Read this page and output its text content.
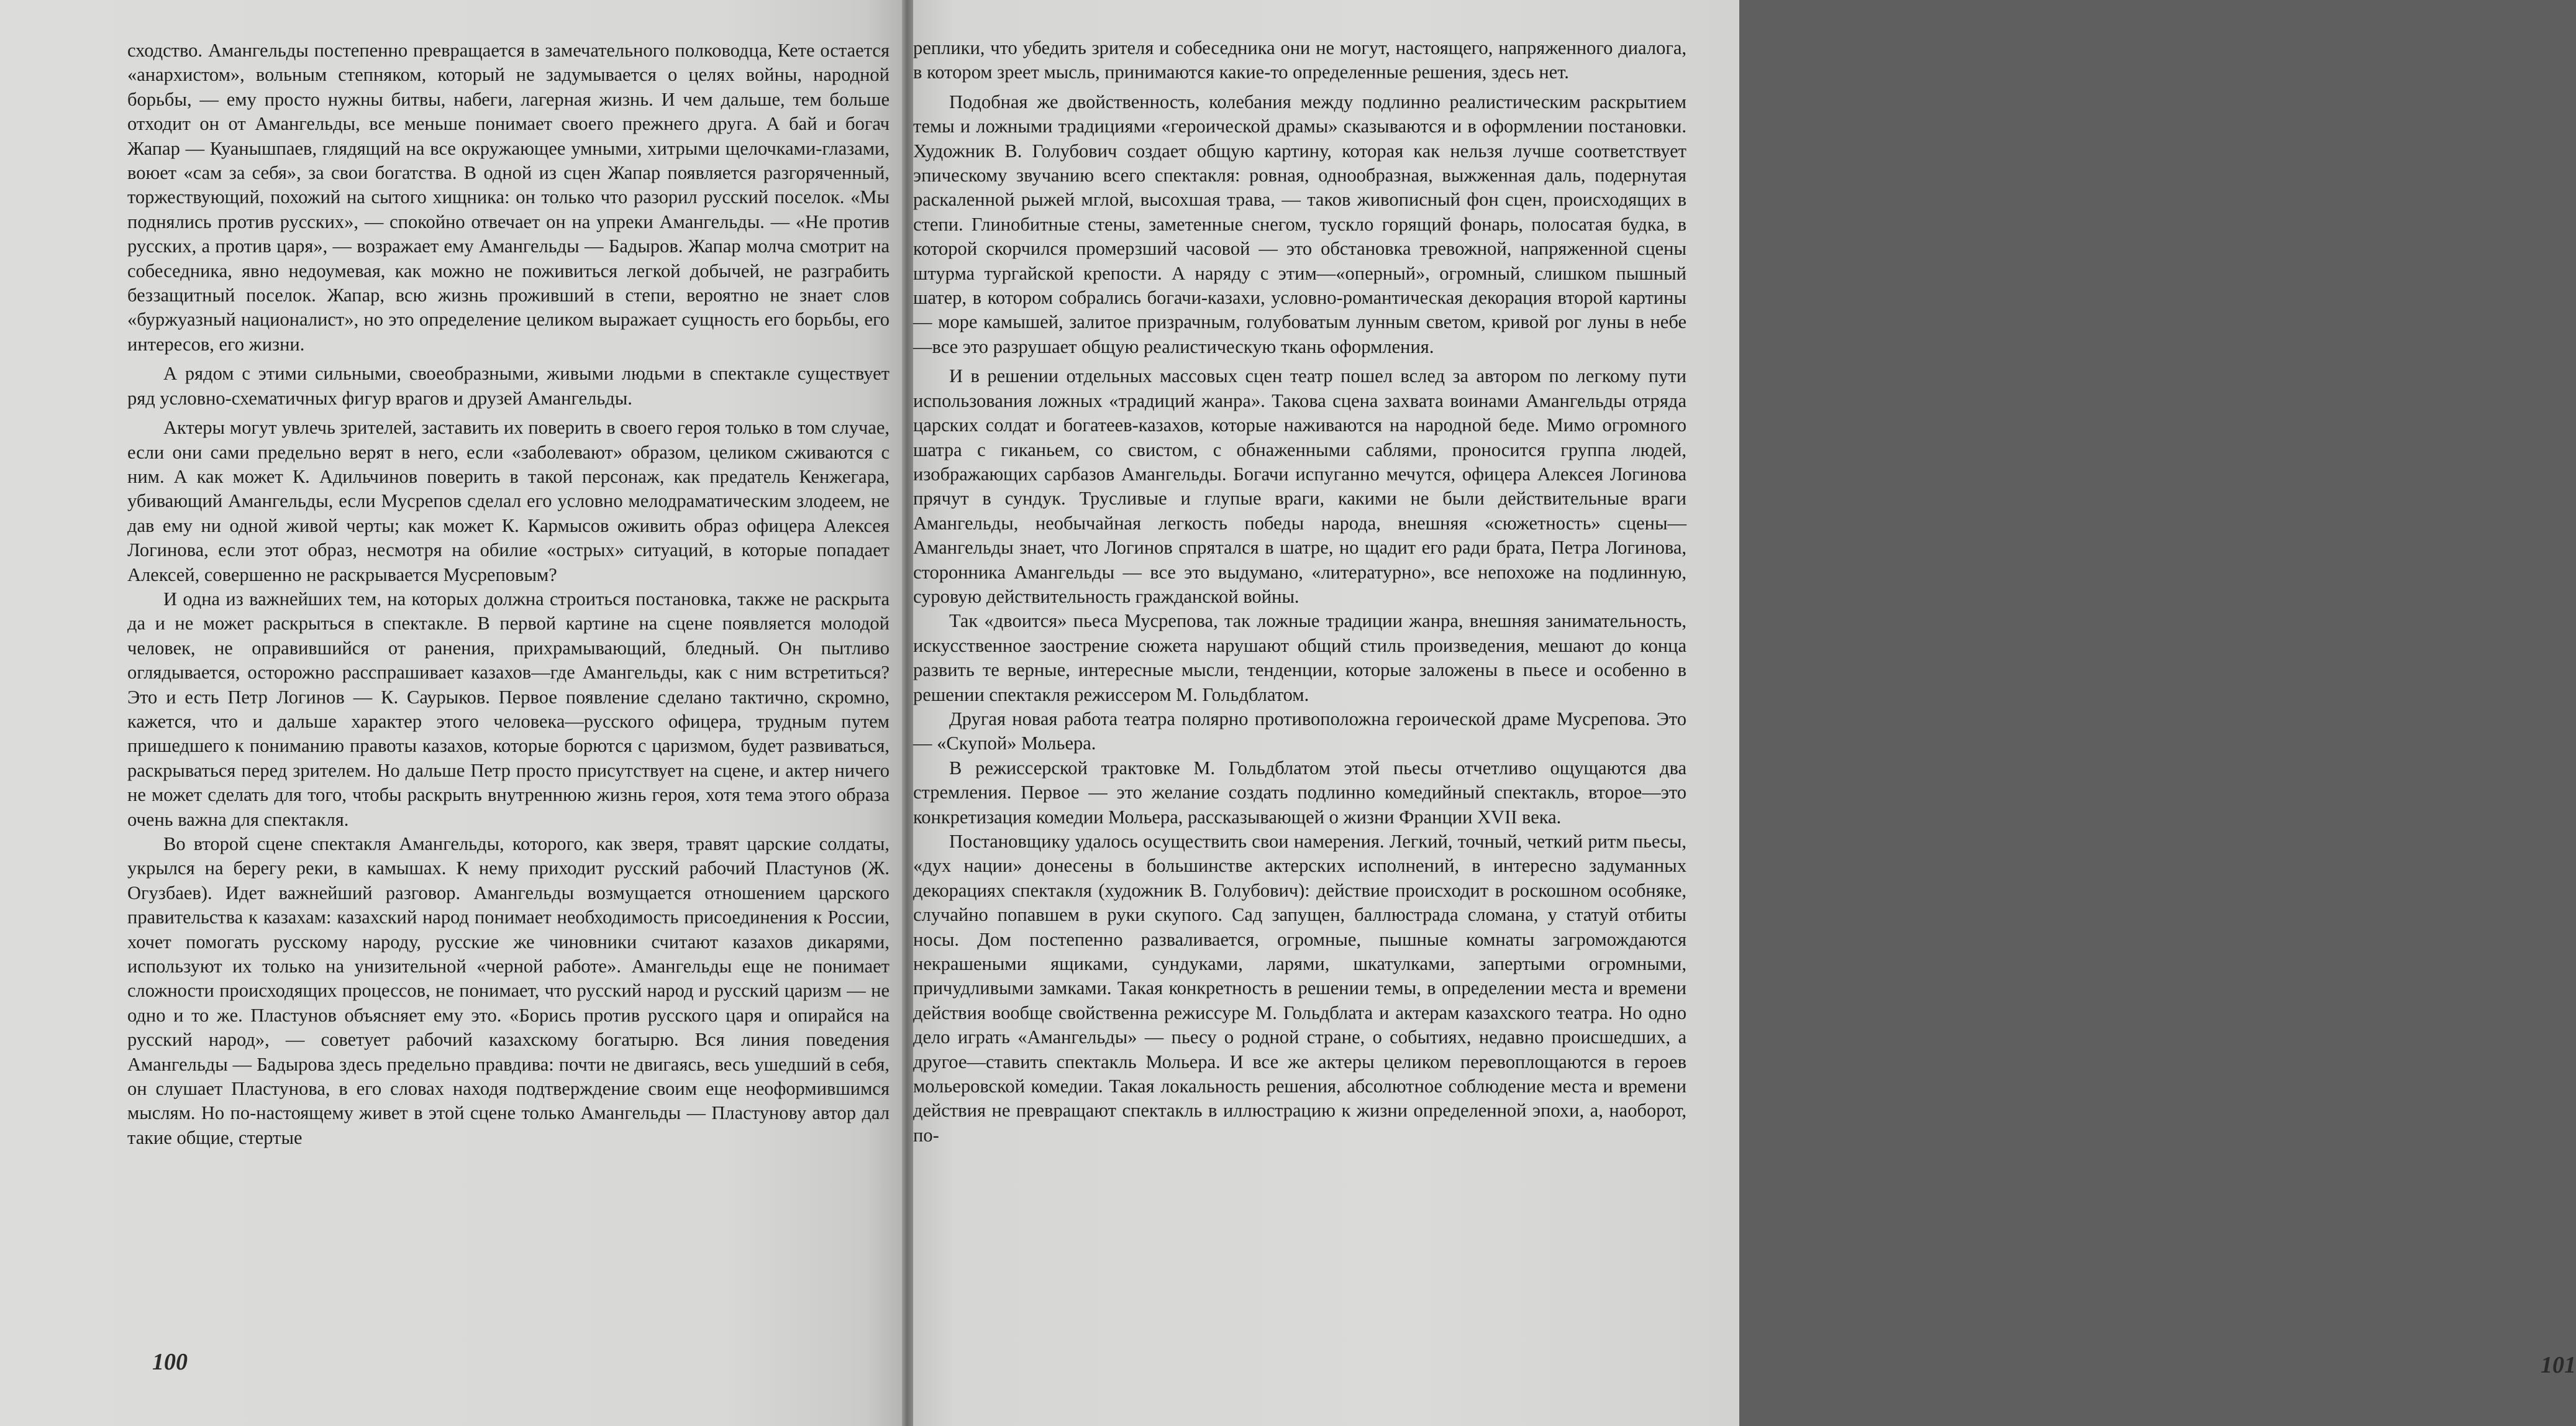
сходство. Амангельды постепенно превращается в замечательного полководца, Кете остается «анархистом», вольным степняком, который не задумывается о целях войны, народной борьбы, — ему просто нужны битвы, набеги, лагерная жизнь. И чем дальше, тем больше отходит он от Амангельды, все меньше понимает своего прежнего друга. А бай и богач Жапар — Куанышпаев, глядящий на все окружающее умными, хитрыми щелочками-глазами, воюет «сам за себя», за свои богатства. В одной из сцен Жапар появляется разгоряченный, торжествующий, похожий на сытого хищника: он только что разорил русский поселок. «Мы поднялись против русских», — спокойно отвечает он на упреки Амангельды. — «Не против русских, а против царя», — возражает ему Амангельды — Бадыров. Жапар молча смотрит на собеседника, явно недоумевая, как можно не поживиться легкой добычей, не разграбить беззащитный поселок. Жапар, всю жизнь проживший в степи, вероятно не знает слов «буржуазный националист», но это определение целиком выражает сущность его борьбы, его интересов, его жизни.

А рядом с этими сильными, своеобразными, живыми людьми в спектакле существует ряд условно-схематичных фигур врагов и друзей Амангельды.

Актеры могут увлечь зрителей, заставить их поверить в своего героя только в том случае, если они сами предельно верят в него, если «заболевают» образом, целиком сживаются с ним. А как может К. Адильчинов поверить в такой персонаж, как предатель Кенжегара, убивающий Амангельды, если Мусрепов сделал его условно мелодраматическим злодеем, не дав ему ни одной живой черты; как может К. Кармысов оживить образ офицера Алексея Логинова, если этот образ, несмотря на обилие «острых» ситуаций, в которые попадает Алексей, совершенно не раскрывается Мусреповым?

И одна из важнейших тем, на которых должна строиться постановка, также не раскрыта да и не может раскрыться в спектакле. В первой картине на сцене появляется молодой человек, не оправившийся от ранения, прихрамывающий, бледный. Он пытливо оглядывается, осторожно расспрашивает казахов—где Амангельды, как с ним встретиться? Это и есть Петр Логинов — К. Саурыков. Первое появление сделано тактично, скромно, кажется, что и дальше характер этого человека—русского офицера, трудным путем пришедшего к пониманию правоты казахов, которые борются с царизмом, будет развиваться, раскрываться перед зрителем. Но дальше Петр просто присутствует на сцене, и актер ничего не может сделать для того, чтобы раскрыть внутреннюю жизнь героя, хотя тема этого образа очень важна для спектакля.

Во второй сцене спектакля Амангельды, которого, как зверя, травят царские солдаты, укрылся на берегу реки, в камышах. К нему приходит русский рабочий Пластунов (Ж. Огузбаев). Идет важнейший разговор. Амангельды возмущается отношением царского правительства к казахам: казахский народ понимает необходимость присоединения к России, хочет помогать русскому народу, русские же чиновники считают казахов дикарями, используют их только на унизительной «черной работе». Амангельды еще не понимает сложности происходящих процессов, не понимает, что русский народ и русский царизм — не одно и то же. Пластунов объясняет ему это. «Борись против русского царя и опирайся на русский народ», — советует рабочий казахскому богатырю. Вся линия поведения Амангельды — Бадырова здесь предельно правдива: почти не двигаясь, весь ушедший в себя, он слушает Пластунова, в его словах находя подтверждение своим еще неоформившимся мыслям. Но по-настоящему живет в этой сцене только Амангельды — Пластунову автор дал такие общие, стертые

100

реплики, что убедить зрителя и собеседника они не могут, настоящего, напряженного диалога, в котором зреет мысль, принимаются какие-то определенные решения, здесь нет.

Подобная же двойственность, колебания между подлинно реалистическим раскрытием темы и ложными традициями «героической драмы» сказываются и в оформлении постановки. Художник В. Голубович создает общую картину, которая как нельзя лучше соответствует эпическому звучанию всего спектакля: ровная, однообразная, выжженная даль, подернутая раскаленной рыжей мглой, высохшая трава, — таков живописный фон сцен, происходящих в степи. Глинобитные стены, заметенные снегом, тускло горящий фонарь, полосатая будка, в которой скорчился промерзший часовой — это обстановка тревожной, напряженной сцены штурма тургайской крепости. А наряду с этим—«оперный», огромный, слишком пышный шатер, в котором собрались богачи-казахи, условно-романтическая декорация второй картины — море камышей, залитое призрачным, голубоватым лунным светом, кривой рог луны в небе—все это разрушает общую реалистическую ткань оформления.

И в решении отдельных массовых сцен театр пошел вслед за автором по легкому пути использования ложных «традиций жанра». Такова сцена захвата воинами Амангельды отряда царских солдат и богатеев-казахов, которые наживаются на народной беде. Мимо огромного шатра с гиканьем, со свистом, с обнаженными саблями, проносится группа людей, изображающих сарбазов Амангельды. Богачи испуганно мечутся, офицера Алексея Логинова прячут в сундук. Трусливые и глупые враги, какими не были действительные враги Амангельды, необычайная легкость победы народа, внешняя «сюжетность» сцены—Амангельды знает, что Логинов спрятался в шатре, но щадит его ради брата, Петра Логинова, сторонника Амангельды — все это выдумано, «литературно», все непохоже на подлинную, суровую действительность гражданской войны.

Так «двоится» пьеса Мусрепова, так ложные традиции жанра, внешняя занимательность, искусственное заострение сюжета нарушают общий стиль произведения, мешают до конца развить те верные, интересные мысли, тенденции, которые заложены в пьесе и особенно в решении спектакля режиссером М. Гольдблатом.

Другая новая работа театра полярно противоположна героической драме Мусрепова. Это — «Скупой» Мольера.

В режиссерской трактовке М. Гольдблатом этой пьесы отчетливо ощущаются два стремления. Первое — это желание создать подлинно комедийный спектакль, второе—это конкретизация комедии Мольера, рассказывающей о жизни Франции XVII века.

Постановщику удалось осуществить свои намерения. Легкий, точный, четкий ритм пьесы, «дух нации» донесены в большинстве актерских исполнений, в интересно задуманных декорациях спектакля (художник В. Голубович): действие происходит в роскошном особняке, случайно попавшем в руки скупого. Сад запущен, баллюстрада сломана, у статуй отбиты носы. Дом постепенно разваливается, огромные, пышные комнаты загромождаются некрашеными ящиками, сундуками, ларями, шкатулками, запертыми огромными, причудливыми замками. Такая конкретность в решении темы, в определении места и времени действия вообще свойственна режиссуре М. Гольдблата и актерам казахского театра. Но одно дело играть «Амангельды» — пьесу о родной стране, о событиях, недавно происшедших, а другое—ставить спектакль Мольера. И все же актеры целиком перевоплощаются в героев мольеровской комедии. Такая локальность решения, абсолютное соблюдение места и времени действия не превращают спектакль в иллюстрацию к жизни определенной эпохи, а, наоборот, по-

101
